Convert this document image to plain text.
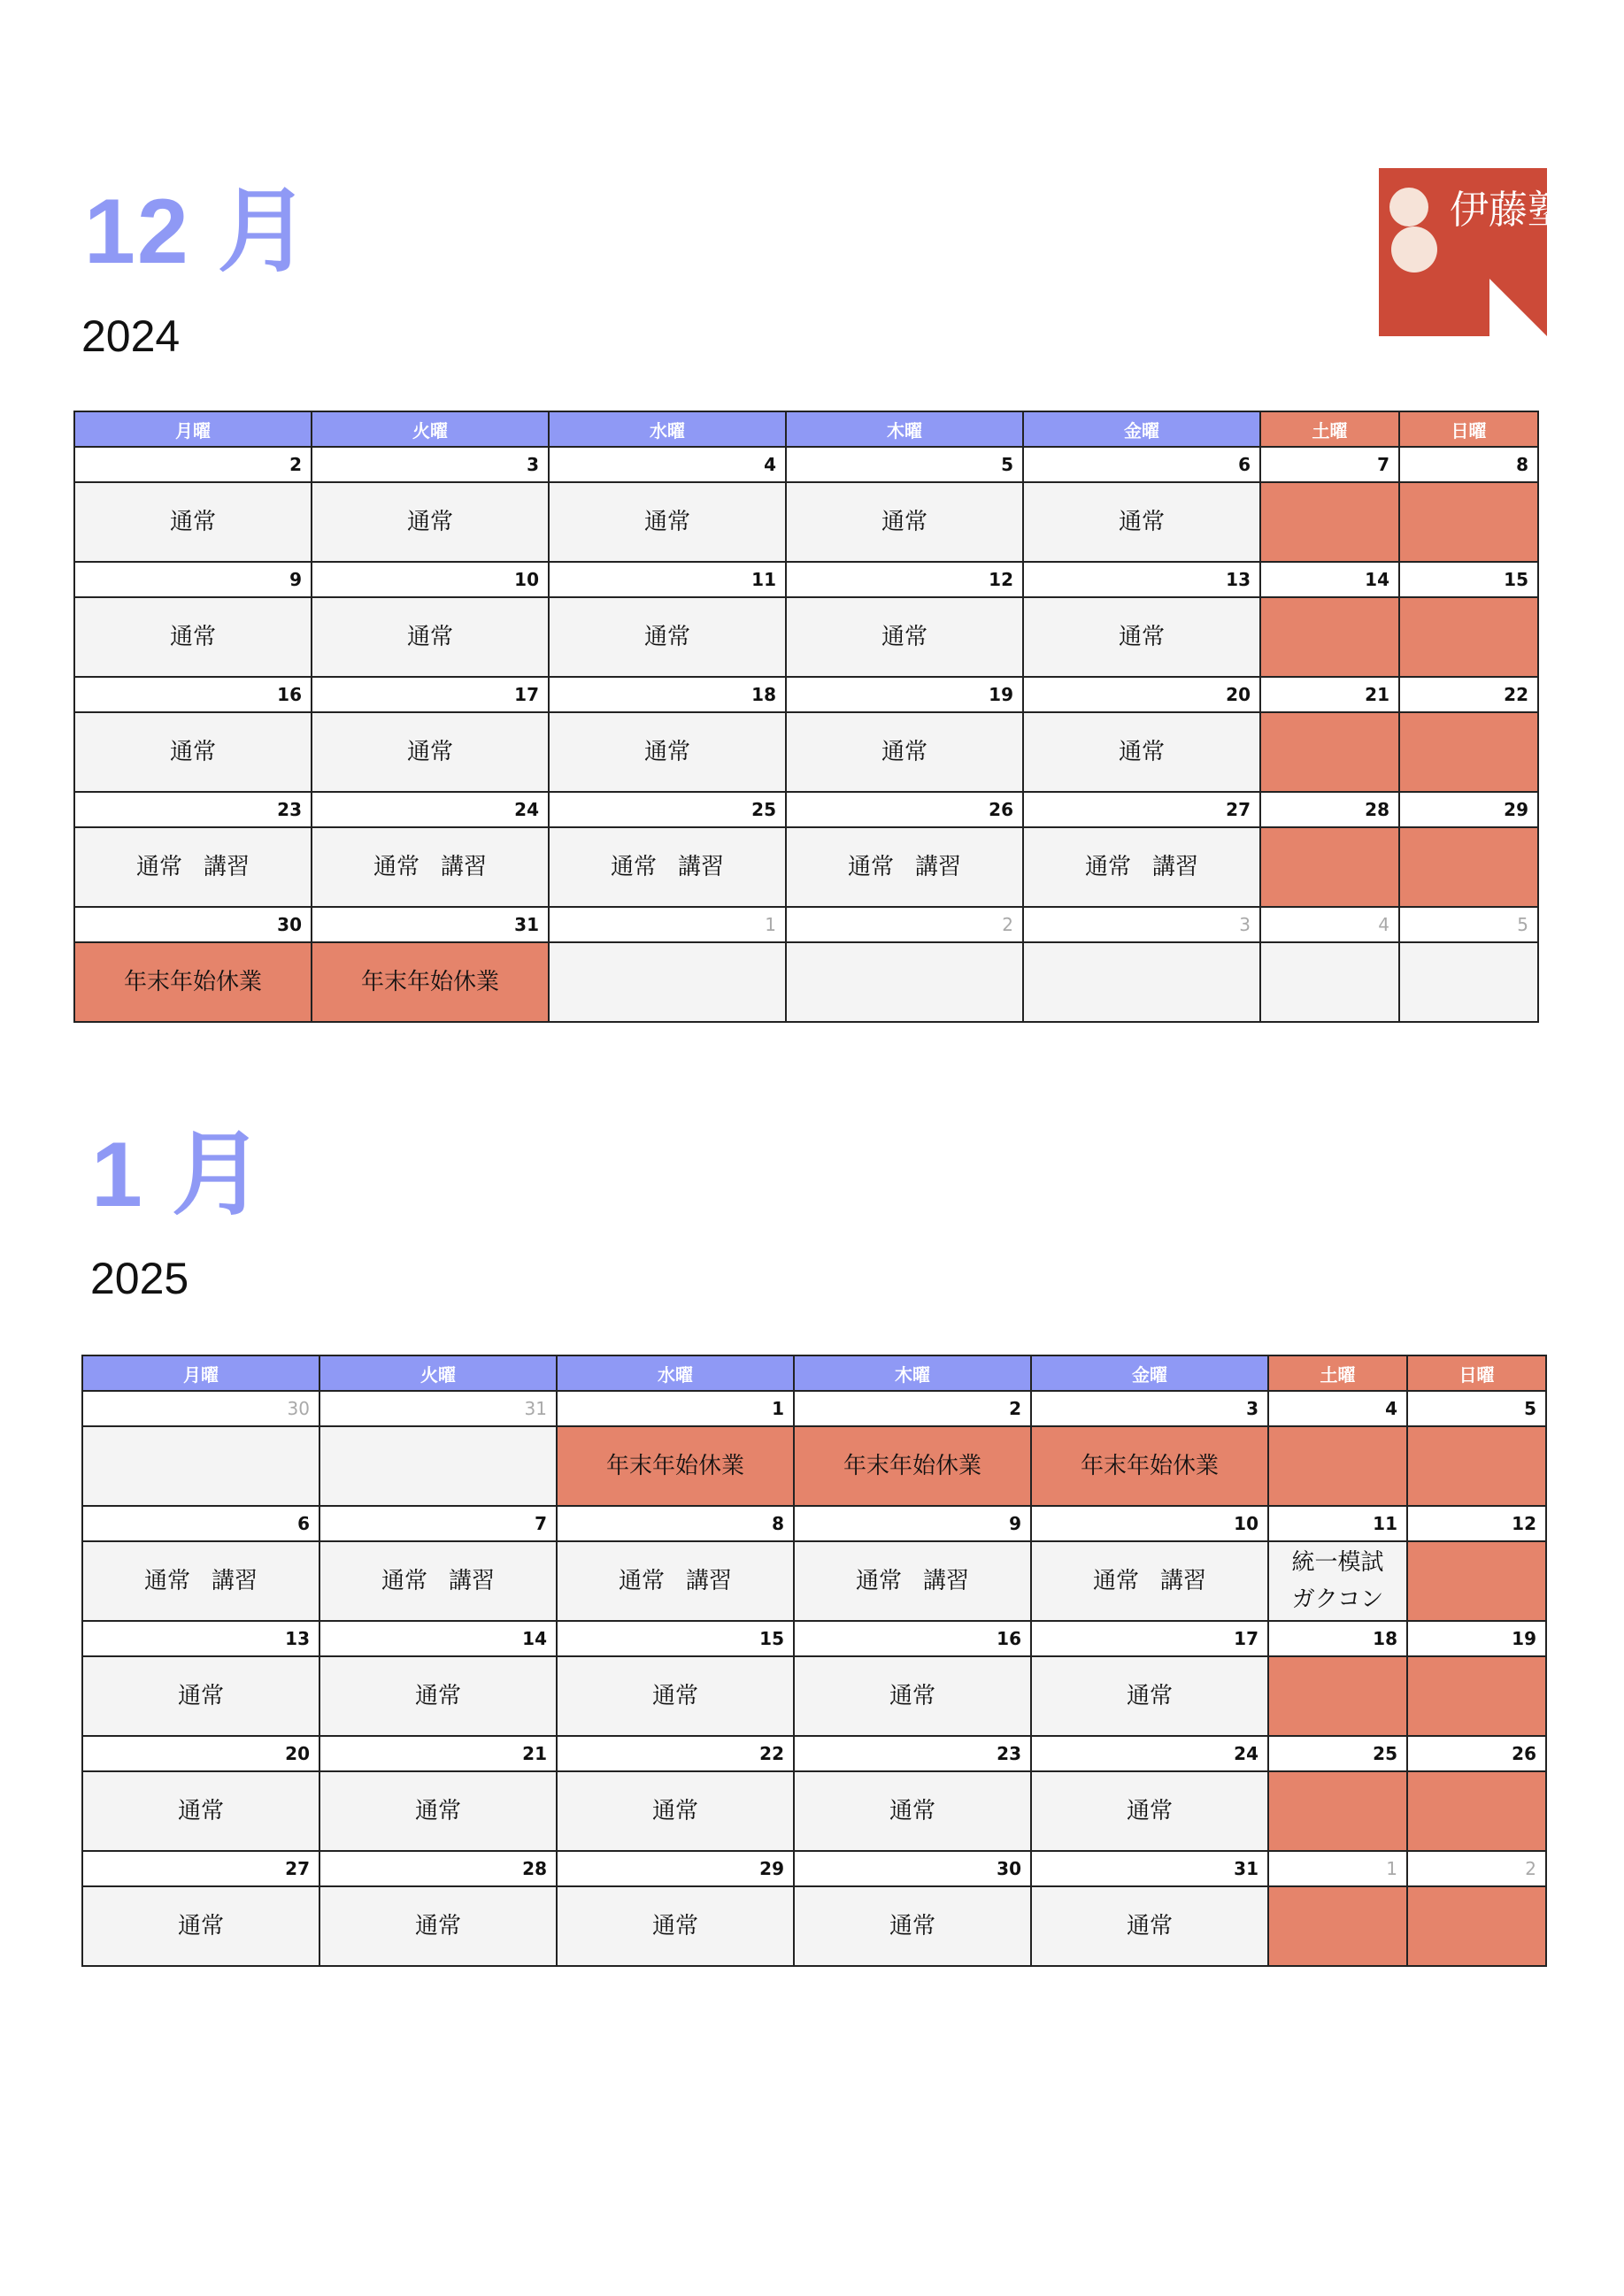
伊藤塾
12 月
2024
月曜	火曜	水曜	木曜	金曜	土曜	日曜
2	3	4	5	6	7	8
通常	通常	通常	通常	通常		
9	10	11	12	13	14	15
通常	通常	通常	通常	通常		
16	17	18	19	20	21	22
通常	通常	通常	通常	通常		
23	24	25	26	27	28	29
通常 講習	通常 講習	通常 講習	通常 講習	通常 講習		
30	31	1	2	3	4	5
年末年始休業	年末年始休業					
1 月
2025
月曜	火曜	水曜	木曜	金曜	土曜	日曜
30	31	1	2	3	4	5
		年末年始休業	年末年始休業	年末年始休業		
6	7	8	9	10	11	12
通常 講習	通常 講習	通常 講習	通常 講習	通常 講習	統一模試
ガクコン	

13	14	15	16	17	18	19
通常	通常	通常	通常	通常		
20	21	22	23	24	25	26
通常	通常	通常	通常	通常		
27	28	29	30	31	1	2
通常	通常	通常	通常	通常		
